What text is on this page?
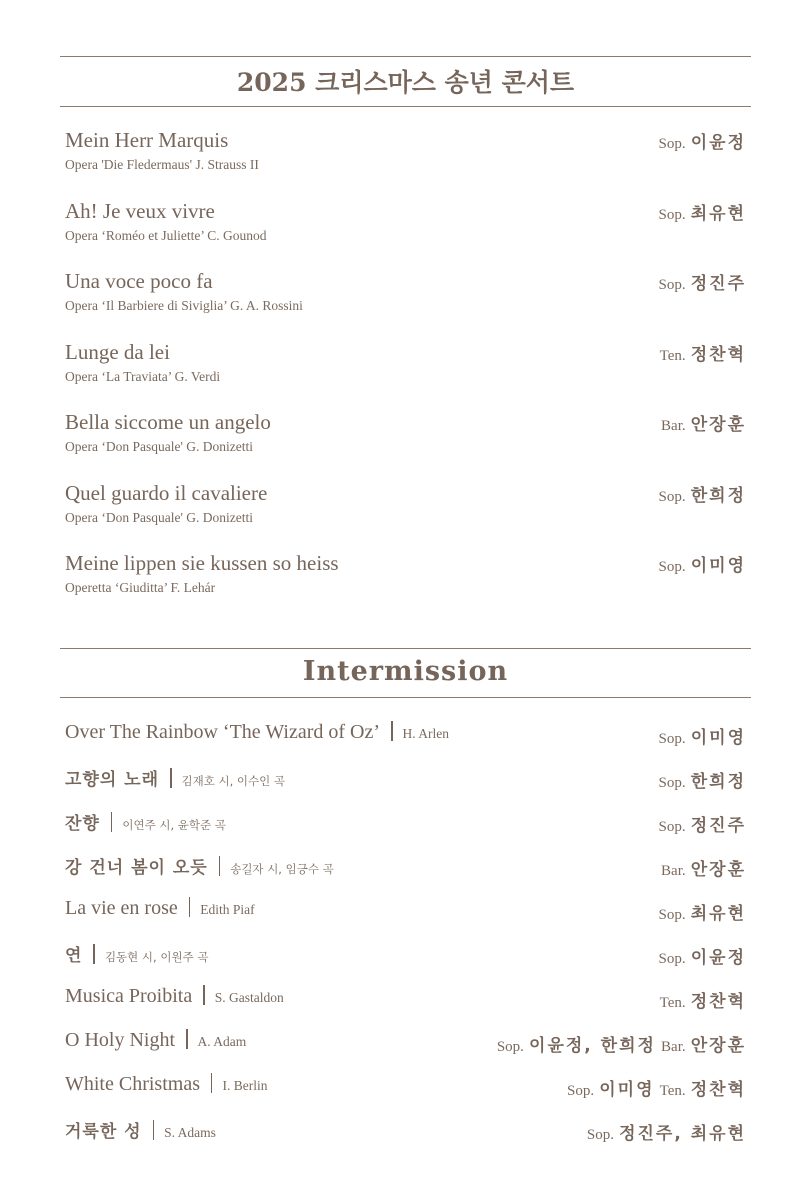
2025 크리스마스 송년 콘서트
Mein Herr Marquis
Opera 'Die Fledermaus' J. Strauss II
Sop. 이윤정
Ah! Je veux vivre
Opera ‘Roméo et Juliette’ C. Gounod
Sop. 최유현
Una voce poco fa
Opera ‘Il Barbiere di Siviglia’ G. A. Rossini
Sop. 정진주
Lunge da lei
Opera ‘La Traviata’ G. Verdi
Ten. 정찬혁
Bella siccome un angelo
Opera ‘Don Pasquale' G. Donizetti
Bar. 안장훈
Quel guardo il cavaliere
Opera ‘Don Pasquale' G. Donizetti
Sop. 한희정
Meine lippen sie kussen so heiss
Operetta ‘Giuditta’ F. Lehár
Sop. 이미영
Intermission
Over The Rainbow ‘The Wizard of Oz’ H. Arlen	Sop. 이미영
고향의 노래 김재호 시, 이수인 곡	Sop. 한희정
잔향 이연주 시, 윤학준 곡	Sop. 정진주
강 건너 봄이 오듯 송길자 시, 임긍수 곡	Bar. 안장훈
La vie en rose Edith Piaf	Sop. 최유현
연 김동현 시, 이원주 곡	Sop. 이윤정
Musica Proibita S. Gastaldon	Ten. 정찬혁
O Holy Night A. Adam	Sop. 이윤정, 한희정 Bar. 안장훈
White Christmas I. Berlin	Sop. 이미영 Ten. 정찬혁
거룩한 성 S. Adams	Sop. 정진주, 최유현
